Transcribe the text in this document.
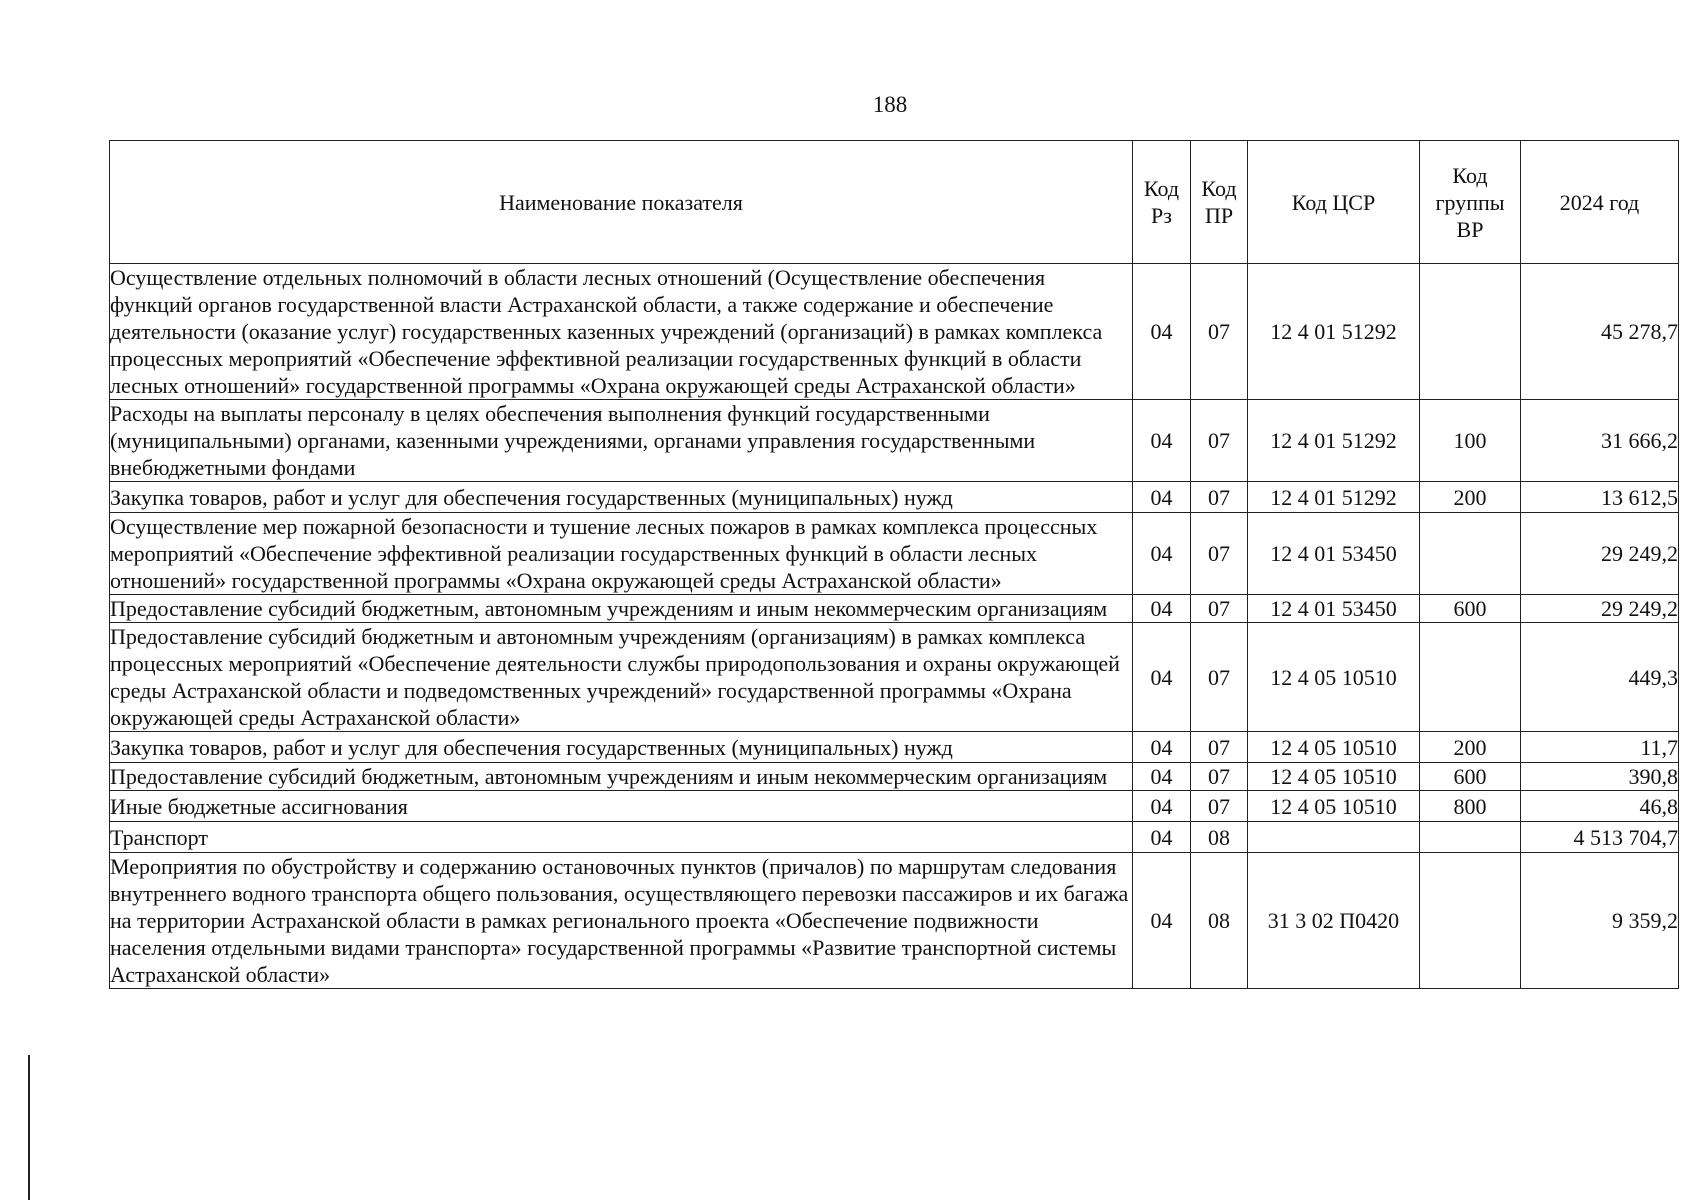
188
Наименование показателя	Код Рз	Код ПР	Код ЦСР	Код группы ВР	2024 год
Осуществление отдельных полномочий в области лесных отношений (Осуществление обеспечения функций органов государственной власти Астраханской области, а также содержание и обеспечение деятельности (оказание услуг) государственных казенных учреждений (организаций) в рамках комплекса процессных мероприятий «Обеспечение эффективной реализации государственных функций в области лесных отношений» государственной программы «Охрана окружающей среды Астраханской области»	04	07	12 4 01 51292		45 278,7
Расходы на выплаты персоналу в целях обеспечения выполнения функций государственными (муниципальными) органами, казенными учреждениями, органами управления государственными внебюджетными фондами	04	07	12 4 01 51292	100	31 666,2
Закупка товаров, работ и услуг для обеспечения государственных (муниципальных) нужд	04	07	12 4 01 51292	200	13 612,5
Осуществление мер пожарной безопасности и тушение лесных пожаров в рамках комплекса процессных мероприятий «Обеспечение эффективной реализации государственных функций в области лесных отношений» государственной программы «Охрана окружающей среды Астраханской области»	04	07	12 4 01 53450		29 249,2
Предоставление субсидий бюджетным, автономным учреждениям и иным некоммерческим организациям	04	07	12 4 01 53450	600	29 249,2
Предоставление субсидий бюджетным и автономным учреждениям (организациям) в рамках комплекса процессных мероприятий «Обеспечение деятельности службы природопользования и охраны окружающей среды Астраханской области и подведомственных учреждений» государственной программы «Охрана окружающей среды Астраханской области»	04	07	12 4 05 10510		449,3
Закупка товаров, работ и услуг для обеспечения государственных (муниципальных) нужд	04	07	12 4 05 10510	200	11,7
Предоставление субсидий бюджетным, автономным учреждениям и иным некоммерческим организациям	04	07	12 4 05 10510	600	390,8
Иные бюджетные ассигнования	04	07	12 4 05 10510	800	46,8
Транспорт	04	08			4 513 704,7
Мероприятия по обустройству и содержанию остановочных пунктов (причалов) по маршрутам следования внутреннего водного транспорта общего пользования, осуществляющего перевозки пассажиров и их багажа на территории Астраханской области в рамках регионального проекта «Обеспечение подвижности населения отдельными видами транспорта» государственной программы «Развитие транспортной системы Астраханской области»	04	08	31 3 02 П0420		9 359,2
